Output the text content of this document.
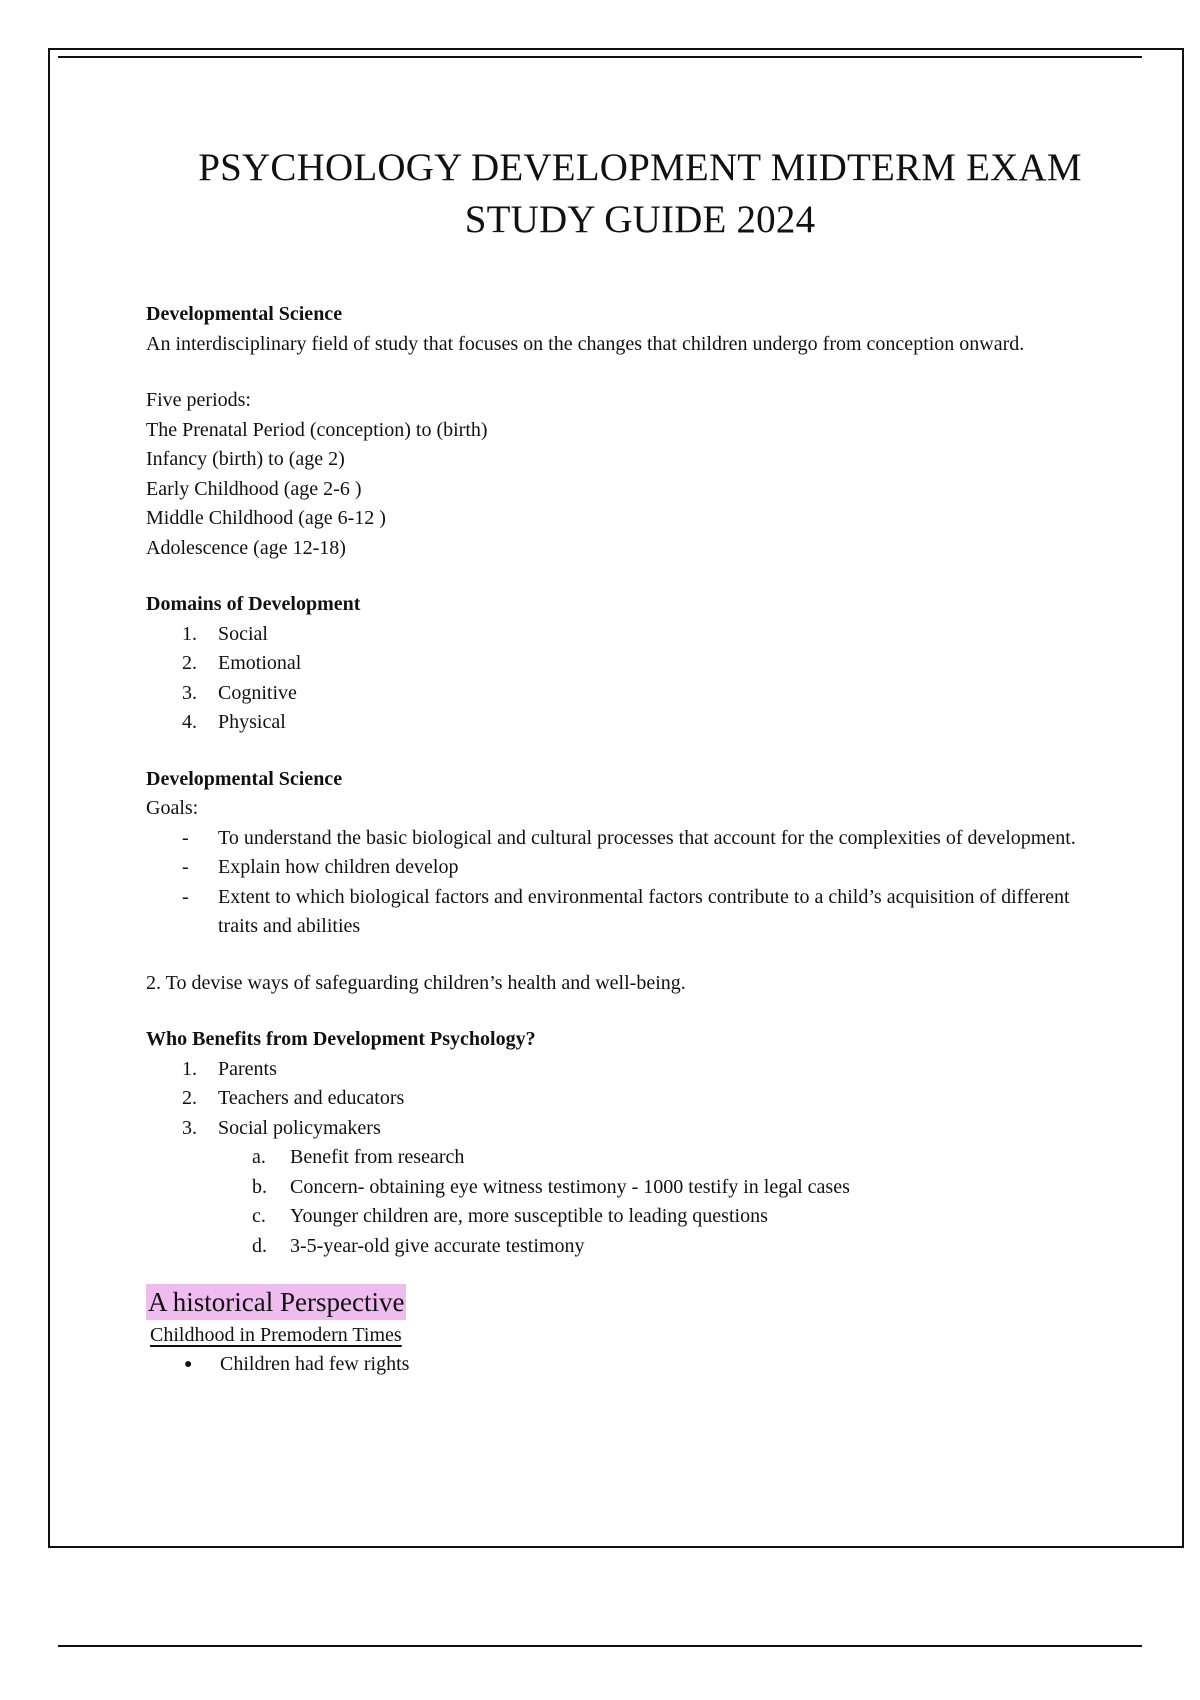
PSYCHOLOGY DEVELOPMENT MIDTERM EXAM
STUDY GUIDE 2024

Developmental Science

An interdisciplinary field of study that focuses on the changes that children undergo from conception onward.

Five periods:

The Prenatal Period (conception) to (birth)

Infancy (birth) to (age 2)

Early Childhood (age 2-6 )

Middle Childhood (age 6-12 )

Adolescence (age 12-18)

Domains of Development

1.	Social
2.	Emotional
3.	Cognitive
4.	Physical

Developmental Science

Goals:

- To understand the basic biological and cultural processes that account for the complexities of development.
- Explain how children develop
- Extent to which biological factors and environmental factors contribute to a child’s acquisition of different traits and abilities

2. To devise ways of safeguarding children’s health and well-being.

Who Benefits from Development Psychology?

1.	Parents
2.	Teachers and educators
3.	Social policymakers
a. Benefit from research
b. Concern- obtaining eye witness testimony - 1000 testify in legal cases
c. Younger children are, more susceptible to leading questions
d. 3-5-year-old give accurate testimony

A historical Perspective

Childhood in Premodern Times

● Children had few rights
